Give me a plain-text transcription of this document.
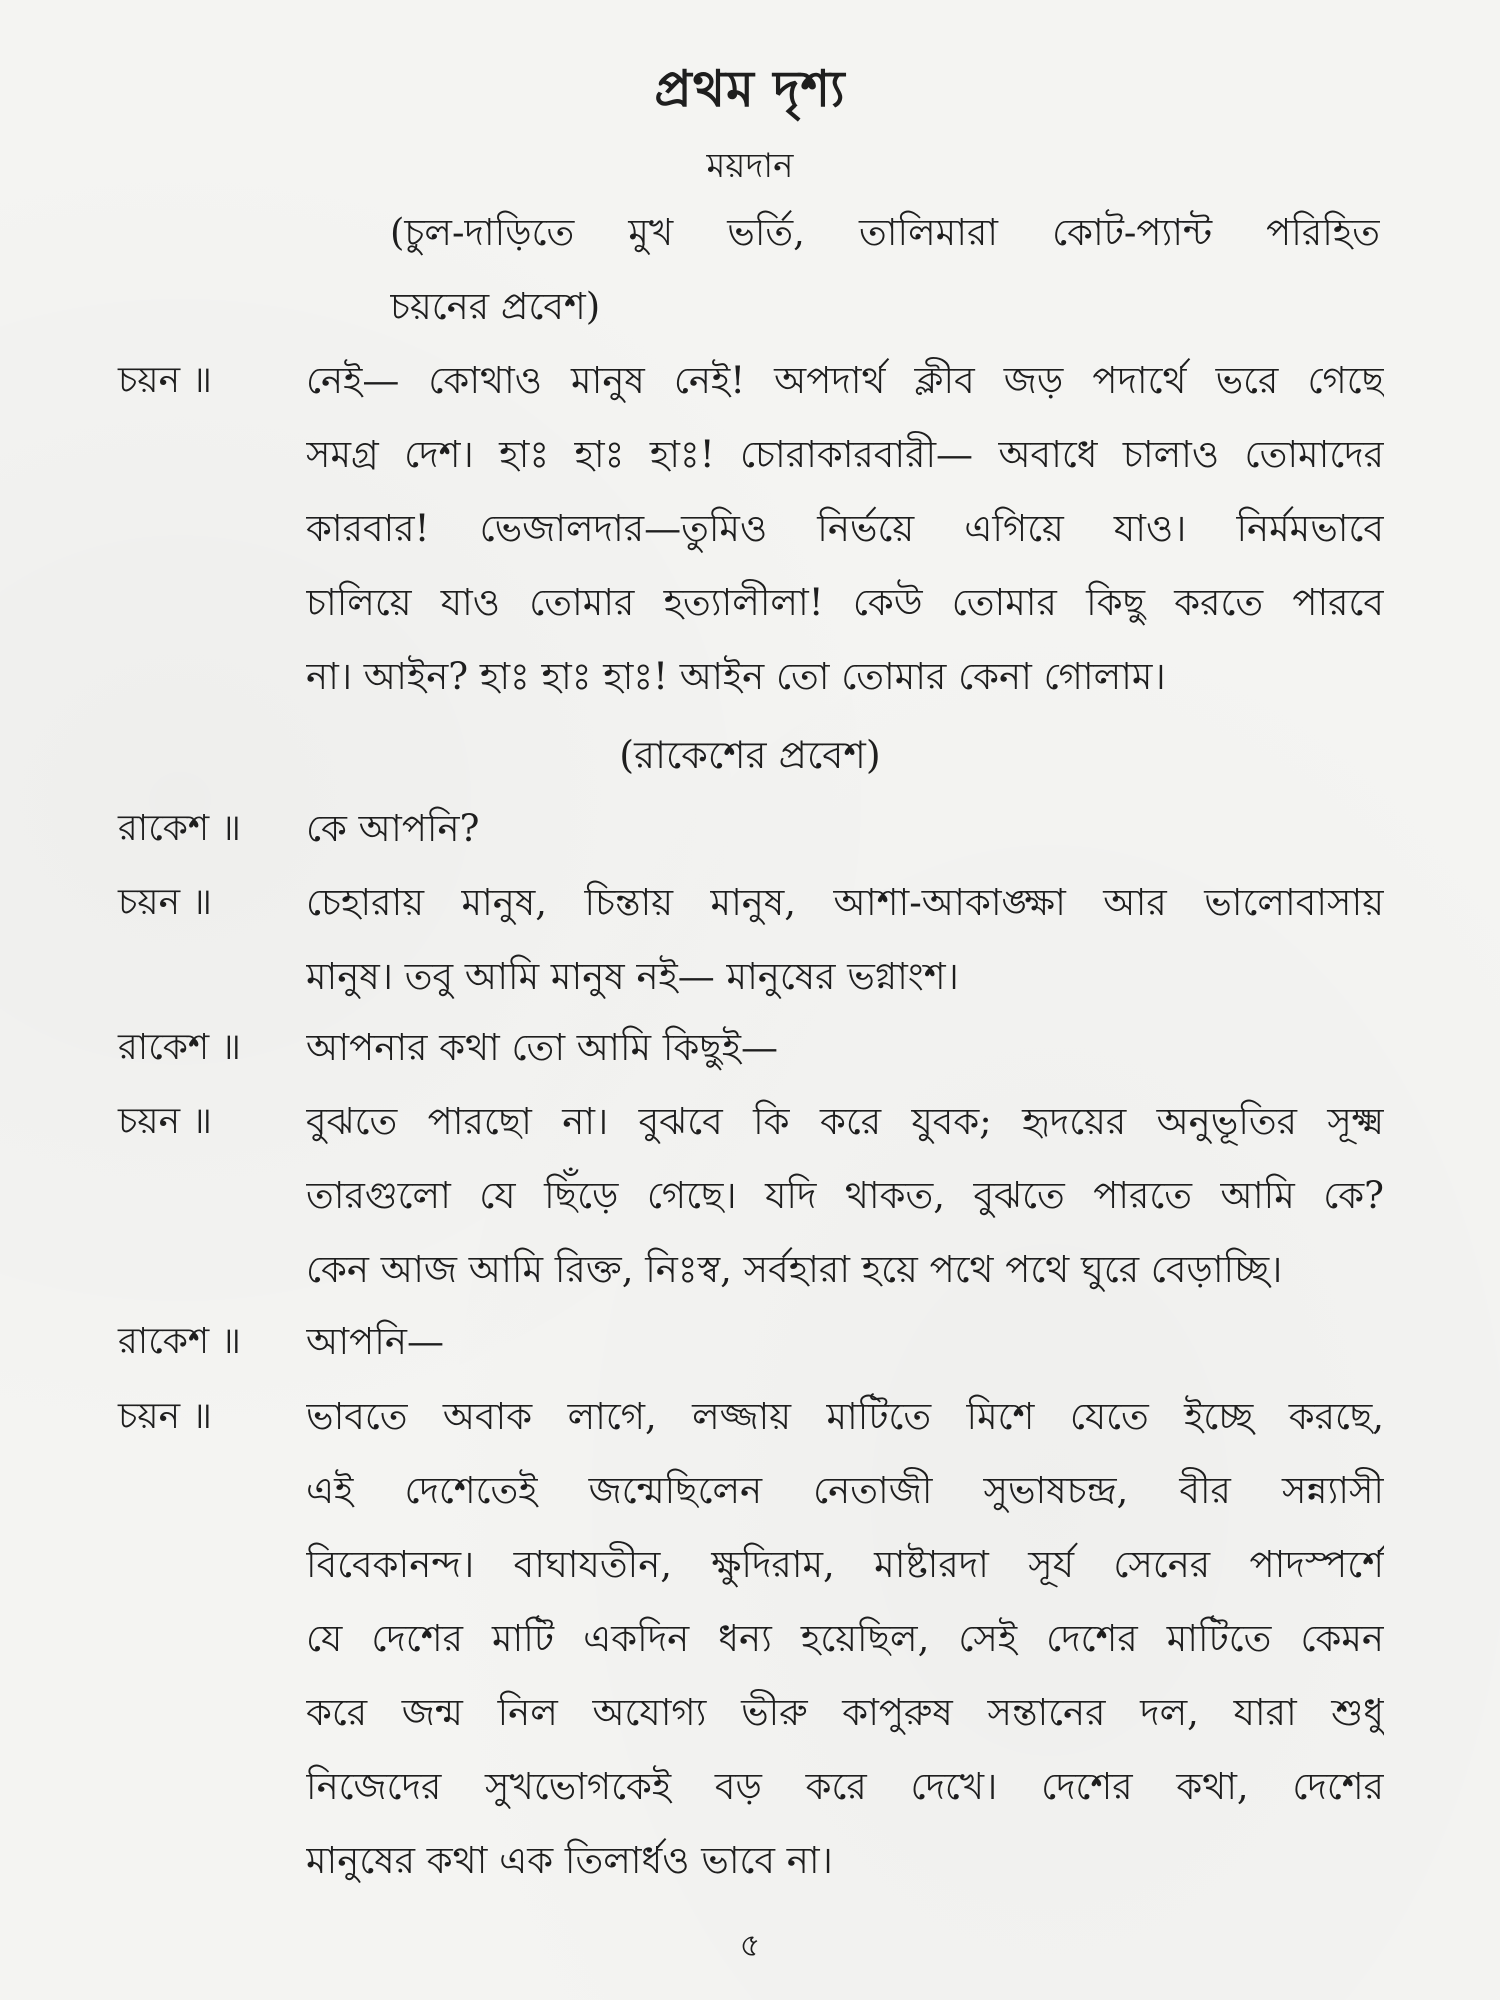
প্রথম দৃশ্য
ময়দান
(চুল-দাড়িতে মুখ ভর্তি, তালিমারা কোট-প্যান্ট পরিহিত
চয়নের প্রবেশ)
চয়ন ॥	নেই— কোথাও মানুষ নেই! অপদার্থ ক্লীব জড় পদার্থে ভরে গেছে
সমগ্র দেশ। হাঃ হাঃ হাঃ! চোরাকারবারী— অবাধে চালাও তোমাদের
কারবার! ভেজালদার—তুমিও নির্ভয়ে এগিয়ে যাও। নির্মমভাবে
চালিয়ে যাও তোমার হত্যালীলা! কেউ তোমার কিছু করতে পারবে
না। আইন? হাঃ হাঃ হাঃ! আইন তো তোমার কেনা গোলাম।
(রাকেশের প্রবেশ)
রাকেশ ॥ কে আপনি?
চয়ন ॥	চেহারায় মানুষ, চিন্তায় মানুষ, আশা-আকাঙ্ক্ষা আর ভালোবাসায়
মানুষ। তবু আমি মানুষ নই— মানুষের ভগ্নাংশ।
রাকেশ ॥ আপনার কথা তো আমি কিছুই—
চয়ন ॥	বুঝতে পারছো না। বুঝবে কি করে যুবক; হৃদয়ের অনুভূতির সূক্ষ্ম
তারগুলো যে ছিঁড়ে গেছে। যদি থাকত, বুঝতে পারতে আমি কে?
কেন আজ আমি রিক্ত, নিঃস্ব, সর্বহারা হয়ে পথে পথে ঘুরে বেড়াচ্ছি।
রাকেশ ॥ আপনি—
চয়ন ॥	ভাবতে অবাক লাগে, লজ্জায় মাটিতে মিশে যেতে ইচ্ছে করছে,
এই দেশেতেই জন্মেছিলেন নেতাজী সুভাষচন্দ্র, বীর সন্ন্যাসী
বিবেকানন্দ। বাঘাযতীন, ক্ষুদিরাম, মাষ্টারদা সূর্য সেনের পাদস্পর্শে
যে দেশের মাটি একদিন ধন্য হয়েছিল, সেই দেশের মাটিতে কেমন
করে জন্ম নিল অযোগ্য ভীরু কাপুরুষ সন্তানের দল, যারা শুধু
নিজেদের সুখভোগকেই বড় করে দেখে। দেশের কথা, দেশের
মানুষের কথা এক তিলার্ধও ভাবে না।
৫
